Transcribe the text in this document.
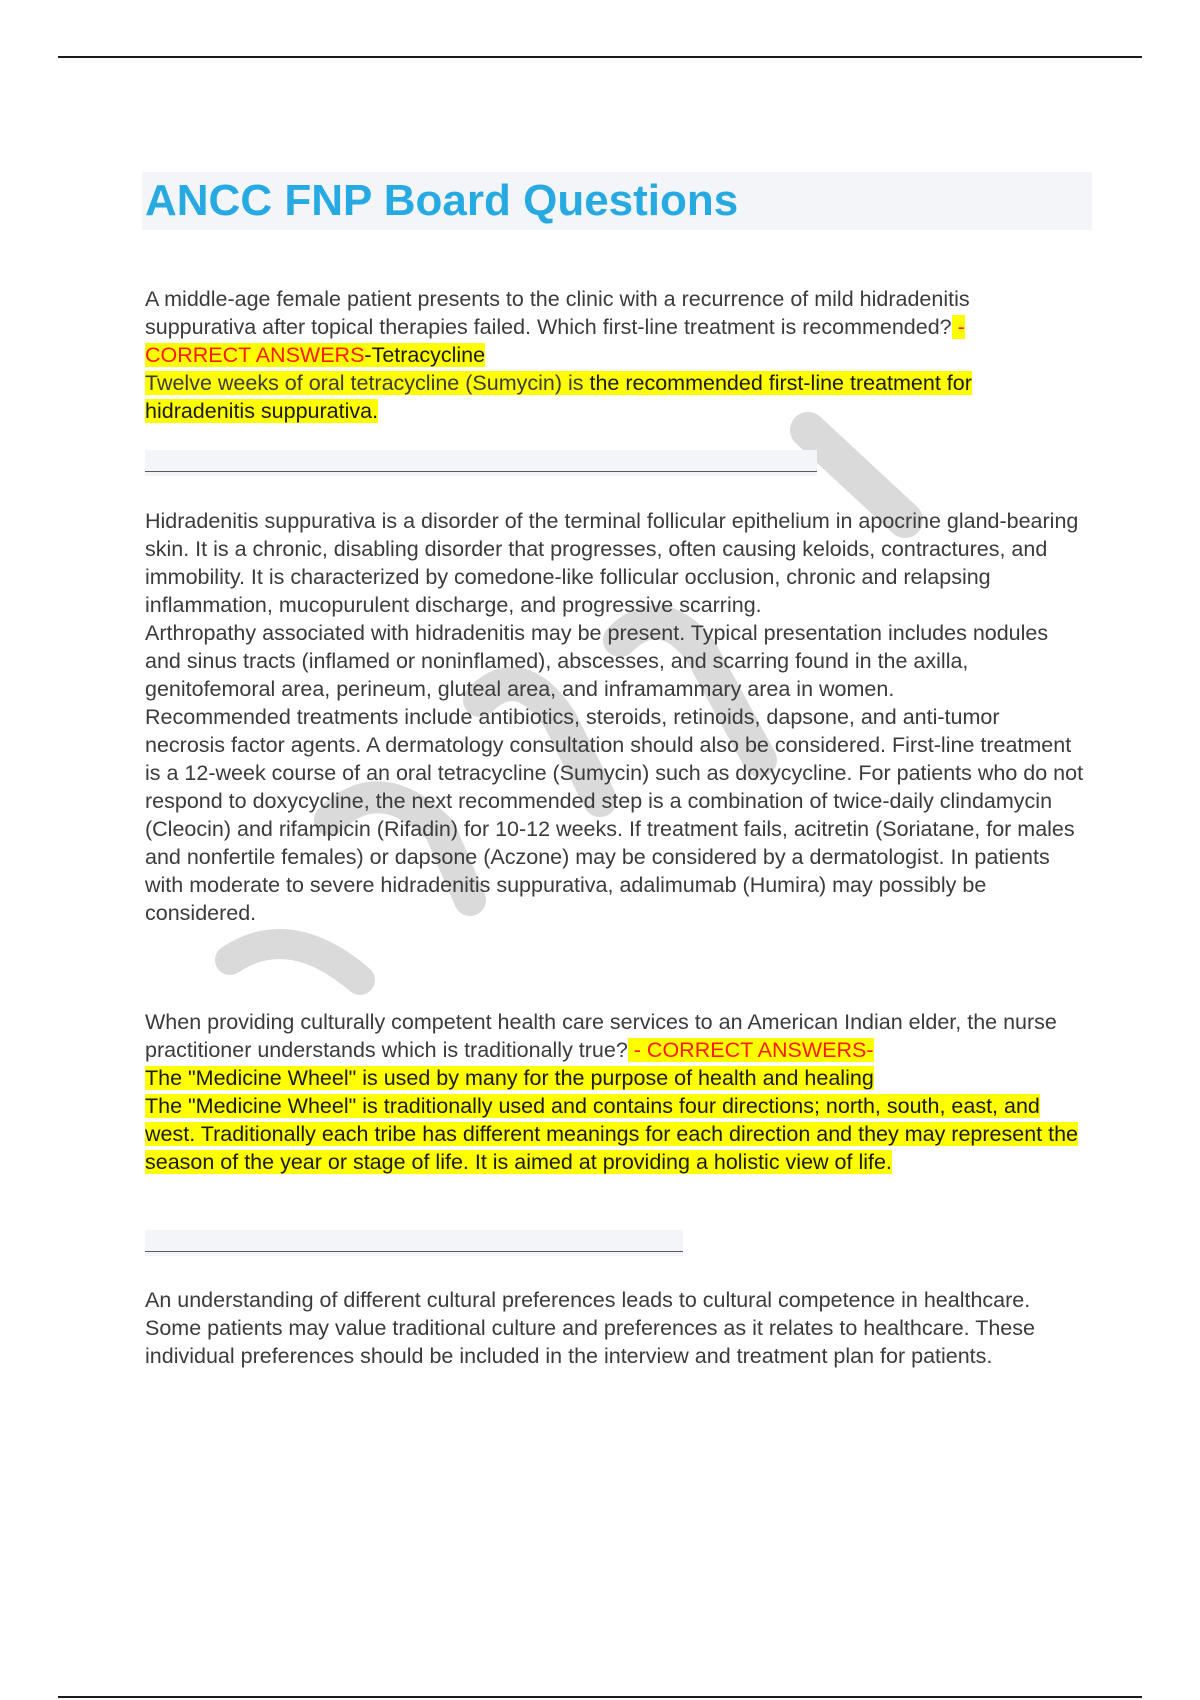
ANCC FNP Board Questions

A middle-age female patient presents to the clinic with a recurrence of mild hidradenitis suppurativa after topical therapies failed. Which first-line treatment is recommended? -
CORRECT ANSWERS-Tetracycline
Twelve weeks of oral tetracycline (Sumycin) is the recommended first-line treatment for hidradenitis suppurativa.

Hidradenitis suppurativa is a disorder of the terminal follicular epithelium in apocrine gland-bearing skin. It is a chronic, disabling disorder that progresses, often causing keloids, contractures, and immobility. It is characterized by comedone-like follicular occlusion, chronic and relapsing inflammation, mucopurulent discharge, and progressive scarring.

Arthropathy associated with hidradenitis may be present. Typical presentation includes nodules and sinus tracts (inflamed or noninflamed), abscesses, and scarring found in the axilla, genitofemoral area, perineum, gluteal area, and inframammary area in women.

Recommended treatments include antibiotics, steroids, retinoids, dapsone, and anti-tumor necrosis factor agents. A dermatology consultation should also be considered. First-line treatment is a 12-week course of an oral tetracycline (Sumycin) such as doxycycline. For patients who do not respond to doxycycline, the next recommended step is a combination of twice-daily clindamycin (Cleocin) and rifampicin (Rifadin) for 10-12 weeks. If treatment fails, acitretin (Soriatane, for males and nonfertile females) or dapsone (Aczone) may be considered by a dermatologist. In patients with moderate to severe hidradenitis suppurativa, adalimumab (Humira) may possibly be considered.

When providing culturally competent health care services to an American Indian elder, the nurse practitioner understands which is traditionally true? - CORRECT ANSWERS-
The "Medicine Wheel" is used by many for the purpose of health and healing
The "Medicine Wheel" is traditionally used and contains four directions; north, south, east, and west. Traditionally each tribe has different meanings for each direction and they may represent the season of the year or stage of life. It is aimed at providing a holistic view of life.

An understanding of different cultural preferences leads to cultural competence in healthcare. Some patients may value traditional culture and preferences as it relates to healthcare. These individual preferences should be included in the interview and treatment plan for patients.
